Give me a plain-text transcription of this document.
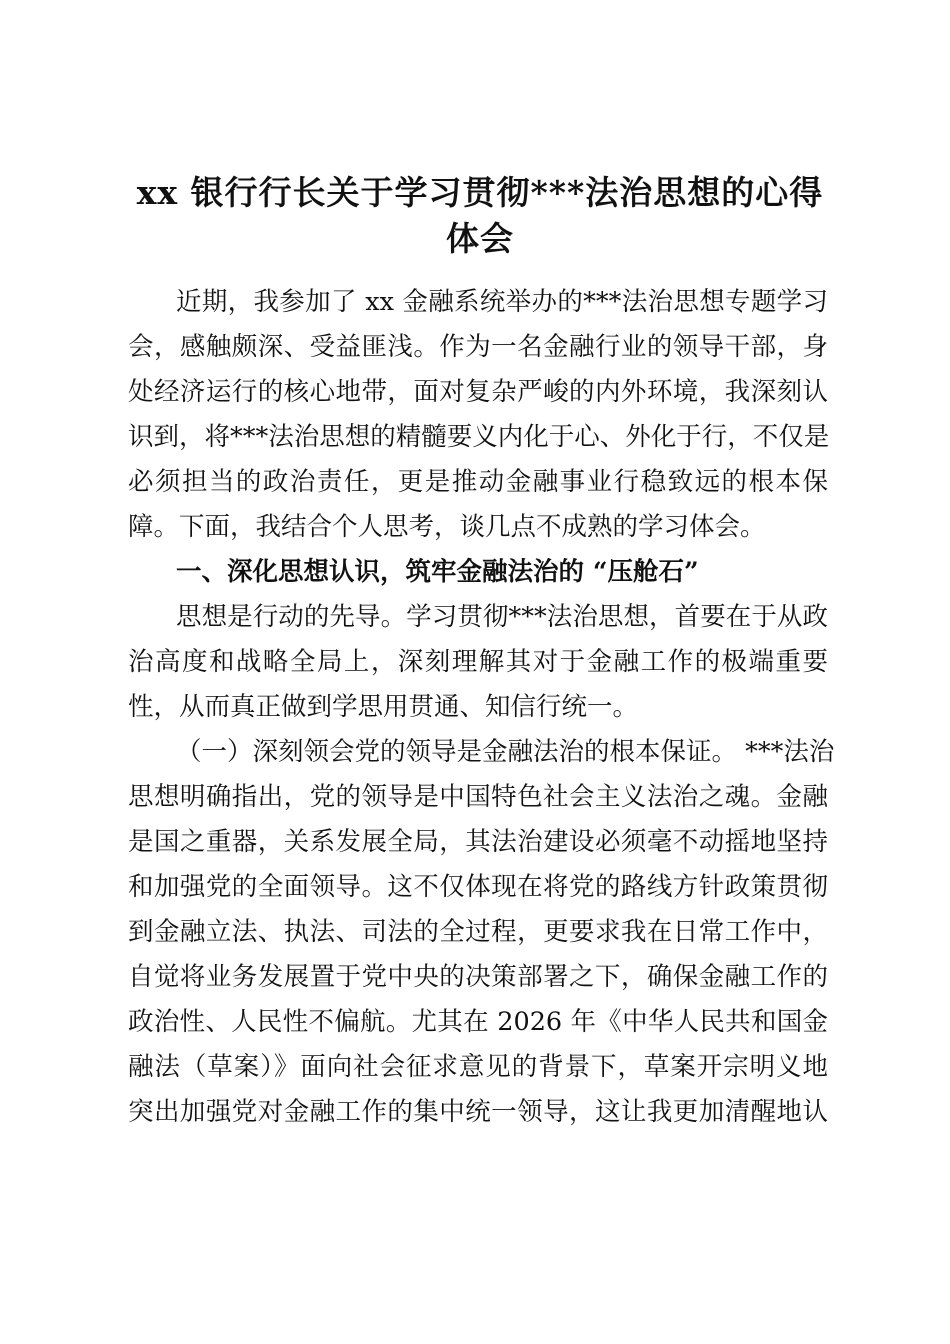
xx 银行行长关于学习贯彻***法治思想的心得
体会

近期，我参加了 xx 金融系统举办的***法治思想专题学习

会，感触颇深、受益匪浅。作为一名金融行业的领导干部，身

处经济运行的核心地带，面对复杂严峻的内外环境，我深刻认

识到，将***法治思想的精髓要义内化于心、外化于行，不仅是

必须担当的政治责任，更是推动金融事业行稳致远的根本保

障。下面，我结合个人思考，谈几点不成熟的学习体会。

一、深化思想认识，筑牢金融法治的 “压舱石”

思想是行动的先导。学习贯彻***法治思想，首要在于从政

治高度和战略全局上，深刻理解其对于金融工作的极端重要

性，从而真正做到学思用贯通、知信行统一。

（一）深刻领会党的领导是金融法治的根本保证。 ***法治

思想明确指出，党的领导是中国特色社会主义法治之魂。金融

是国之重器，关系发展全局，其法治建设必须毫不动摇地坚持

和加强党的全面领导。这不仅体现在将党的路线方针政策贯彻

到金融立法、执法、司法的全过程，更要求我在日常工作中，

自觉将业务发展置于党中央的决策部署之下，确保金融工作的

政治性、人民性不偏航。尤其在 2026 年《中华人民共和国金

融法（草案）》面向社会征求意见的背景下，草案开宗明义地

突出加强党对金融工作的集中统一领导，这让我更加清醒地认
